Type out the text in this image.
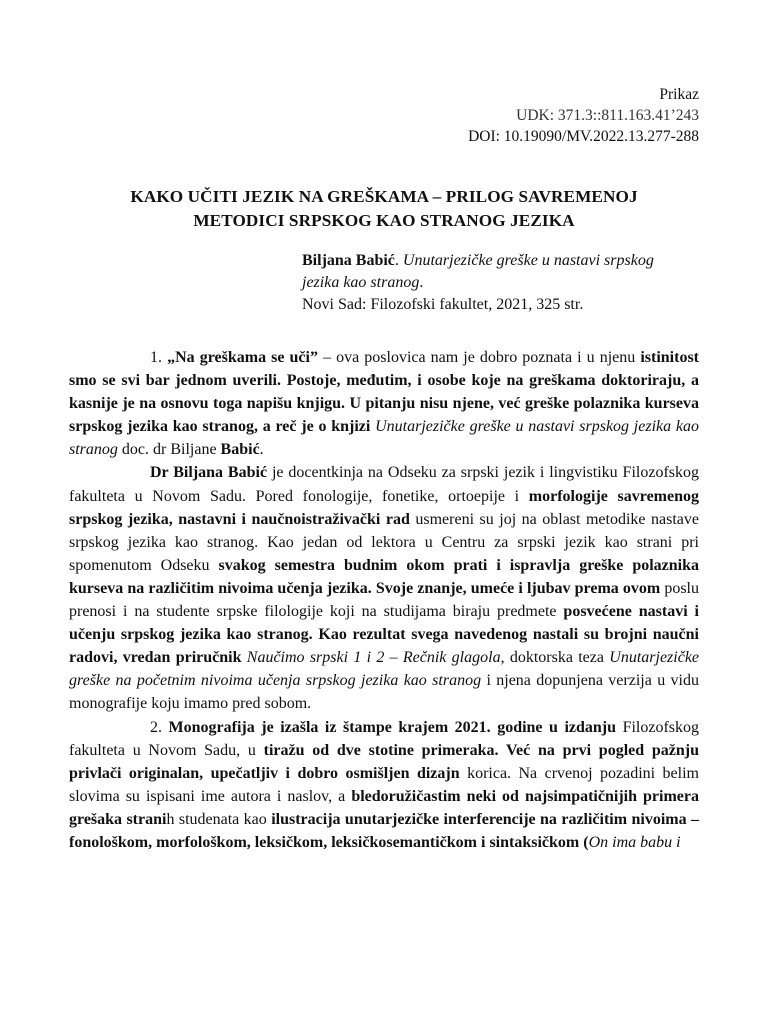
Prikaz
UDK: 371.3::811.163.41’243
DOI: 10.19090/MV.2022.13.277-288
KAKO UČITI JEZIK NA GREŠKAMA – PRILOG SAVREMENOJ
METODICI SRPSKOG KAO STRANOG JEZIKA
Biljana Babić. Unutarjezičke greške u nastavi srpskog
jezika kao stranog.
Novi Sad: Filozofski fakultet, 2021, 325 str.

1. „Na greškama se uči” – ova poslovica nam je dobro poznata i u njenu istinitost smo se svi bar jednom uverili. Postoje, međutim, i osobe koje na greškama doktoriraju, a kasnije je na osnovu toga napišu knjigu. U pitanju nisu njene, već greške polaznika kurseva srpskog jezika kao stranog, a reč je o knjizi Unutarjezičke greške u nastavi srpskog jezika kao stranog doc. dr Biljane Babić.

Dr Biljana Babić je docentkinja na Odseku za srpski jezik i lingvistiku Filozofskog fakulteta u Novom Sadu. Pored fonologije, fonetike, ortoepije i morfologije savremenog srpskog jezika, nastavni i naučnoistraživački rad usmereni su joj na oblast metodike nastave srpskog jezika kao stranog. Kao jedan od lektora u Centru za srpski jezik kao strani pri spomenutom Odseku svakog semestra budnim okom prati i ispravlja greške polaznika kurseva na različitim nivoima učenja jezika. Svoje znanje, umeće i ljubav prema ovom poslu prenosi i na studente srpske filologije koji na studijama biraju predmete posvećene nastavi i učenju srpskog jezika kao stranog. Kao rezultat svega navedenog nastali su brojni naučni radovi, vredan priručnik Naučimo srpski 1 i 2 – Rečnik glagola, doktorska teza Unutarjezičke greške na početnim nivoima učenja srpskog jezika kao stranog i njena dopunjena verzija u vidu monografije koju imamo pred sobom.

2. Monografija je izašla iz štampe krajem 2021. godine u izdanju Filozofskog fakulteta u Novom Sadu, u tiražu od dve stotine primeraka. Već na prvi pogled pažnju privlači originalan, upečatljiv i dobro osmišljen dizajn korica. Na crvenoj pozadini belim slovima su ispisani ime autora i naslov, a bledoružičastim neki od najsimpatičnijih primera grešaka stranih studenata kao ilustracija unutarjezičke interferencije na različitim nivoima – fonološkom, morfološkom, leksičkom, leksičkosemantičkom i sintaksičkom (On ima babu i
